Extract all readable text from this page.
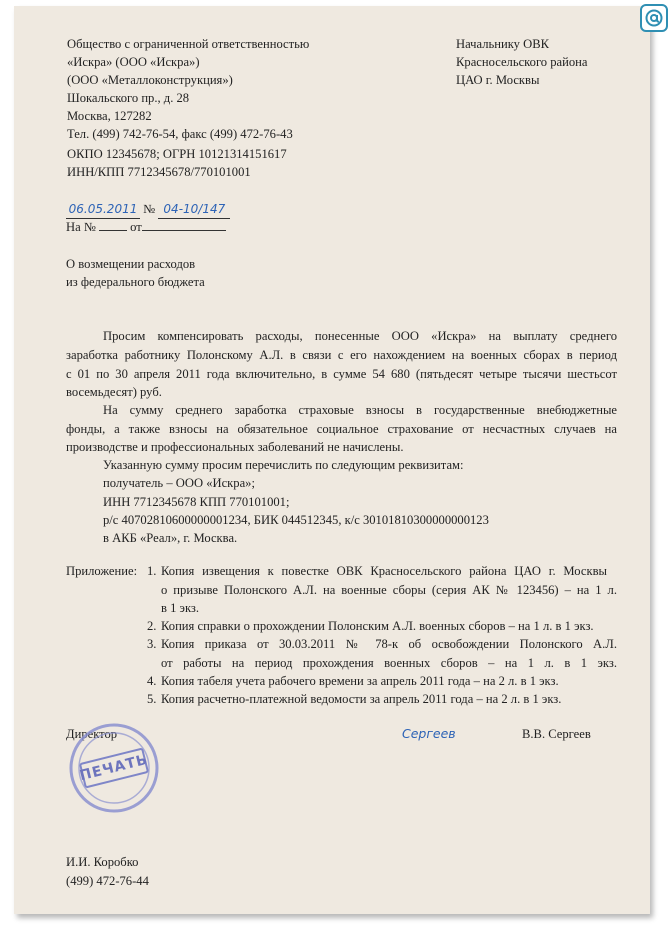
Общество с ограниченной ответственностью
«Искра» (ООО «Искра»)
(ООО «Металлоконструкция»)
Шокальского пр., д. 28
Москва, 127282
Тел. (499) 742-76-54, факс (499) 472-76-43
ОКПО 12345678; ОГРН 10121314151617
ИНН/КПП 7712345678/770101001
Начальнику ОВК
Красносельского района
ЦАО г. Москвы
06.05.2011 № 04-10/147
На №	от
О возмещении расходов
из федерального бюджета
Просим компенсировать расходы, понесенные ООО «Искра» на выплату среднего
заработка работнику Полонскому А.Л. в связи с его нахождением на военных сборах в период
с 01 по 30 апреля 2011 года включительно, в сумме 54 680 (пятьдесят четыре тысячи шестьсот
восемьдесят) руб.
На сумму среднего заработка страховые взносы в государственные внебюджетные
фонды, а также взносы на обязательное социальное страхование от несчастных случаев на
производстве и профессиональных заболеваний не начислены.
Указанную сумму просим перечислить по следующим реквизитам:
получатель – ООО «Искра»;
ИНН 7712345678 КПП 770101001;
р/с 40702810600000001234, БИК 044512345, к/с 30101810300000000123
в АКБ «Реал», г. Москва.
Приложение: 1. Копия извещения к повестке ОВК Красносельского района ЦАО г. Москвы
о призыве Полонского А.Л. на военные сборы (серия АК № 123456) – на 1 л.
в 1 экз.
2. Копия справки о прохождении Полонским А.Л. военных сборов – на 1 л. в 1 экз.
3. Копия приказа от 30.03.2011 № 78-к об освобождении Полонского А.Л.
от работы на период прохождения военных сборов – на 1 л. в 1 экз.
4. Копия табеля учета рабочего времени за апрель 2011 года – на 2 л. в 1 экз.
5. Копия расчетно-платежной ведомости за апрель 2011 года – на 2 л. в 1 экз.
Директор	Сергеев	В.В. Сергеев
ПЕЧАТЬ
И.И. Коробко
(499) 472-76-44
